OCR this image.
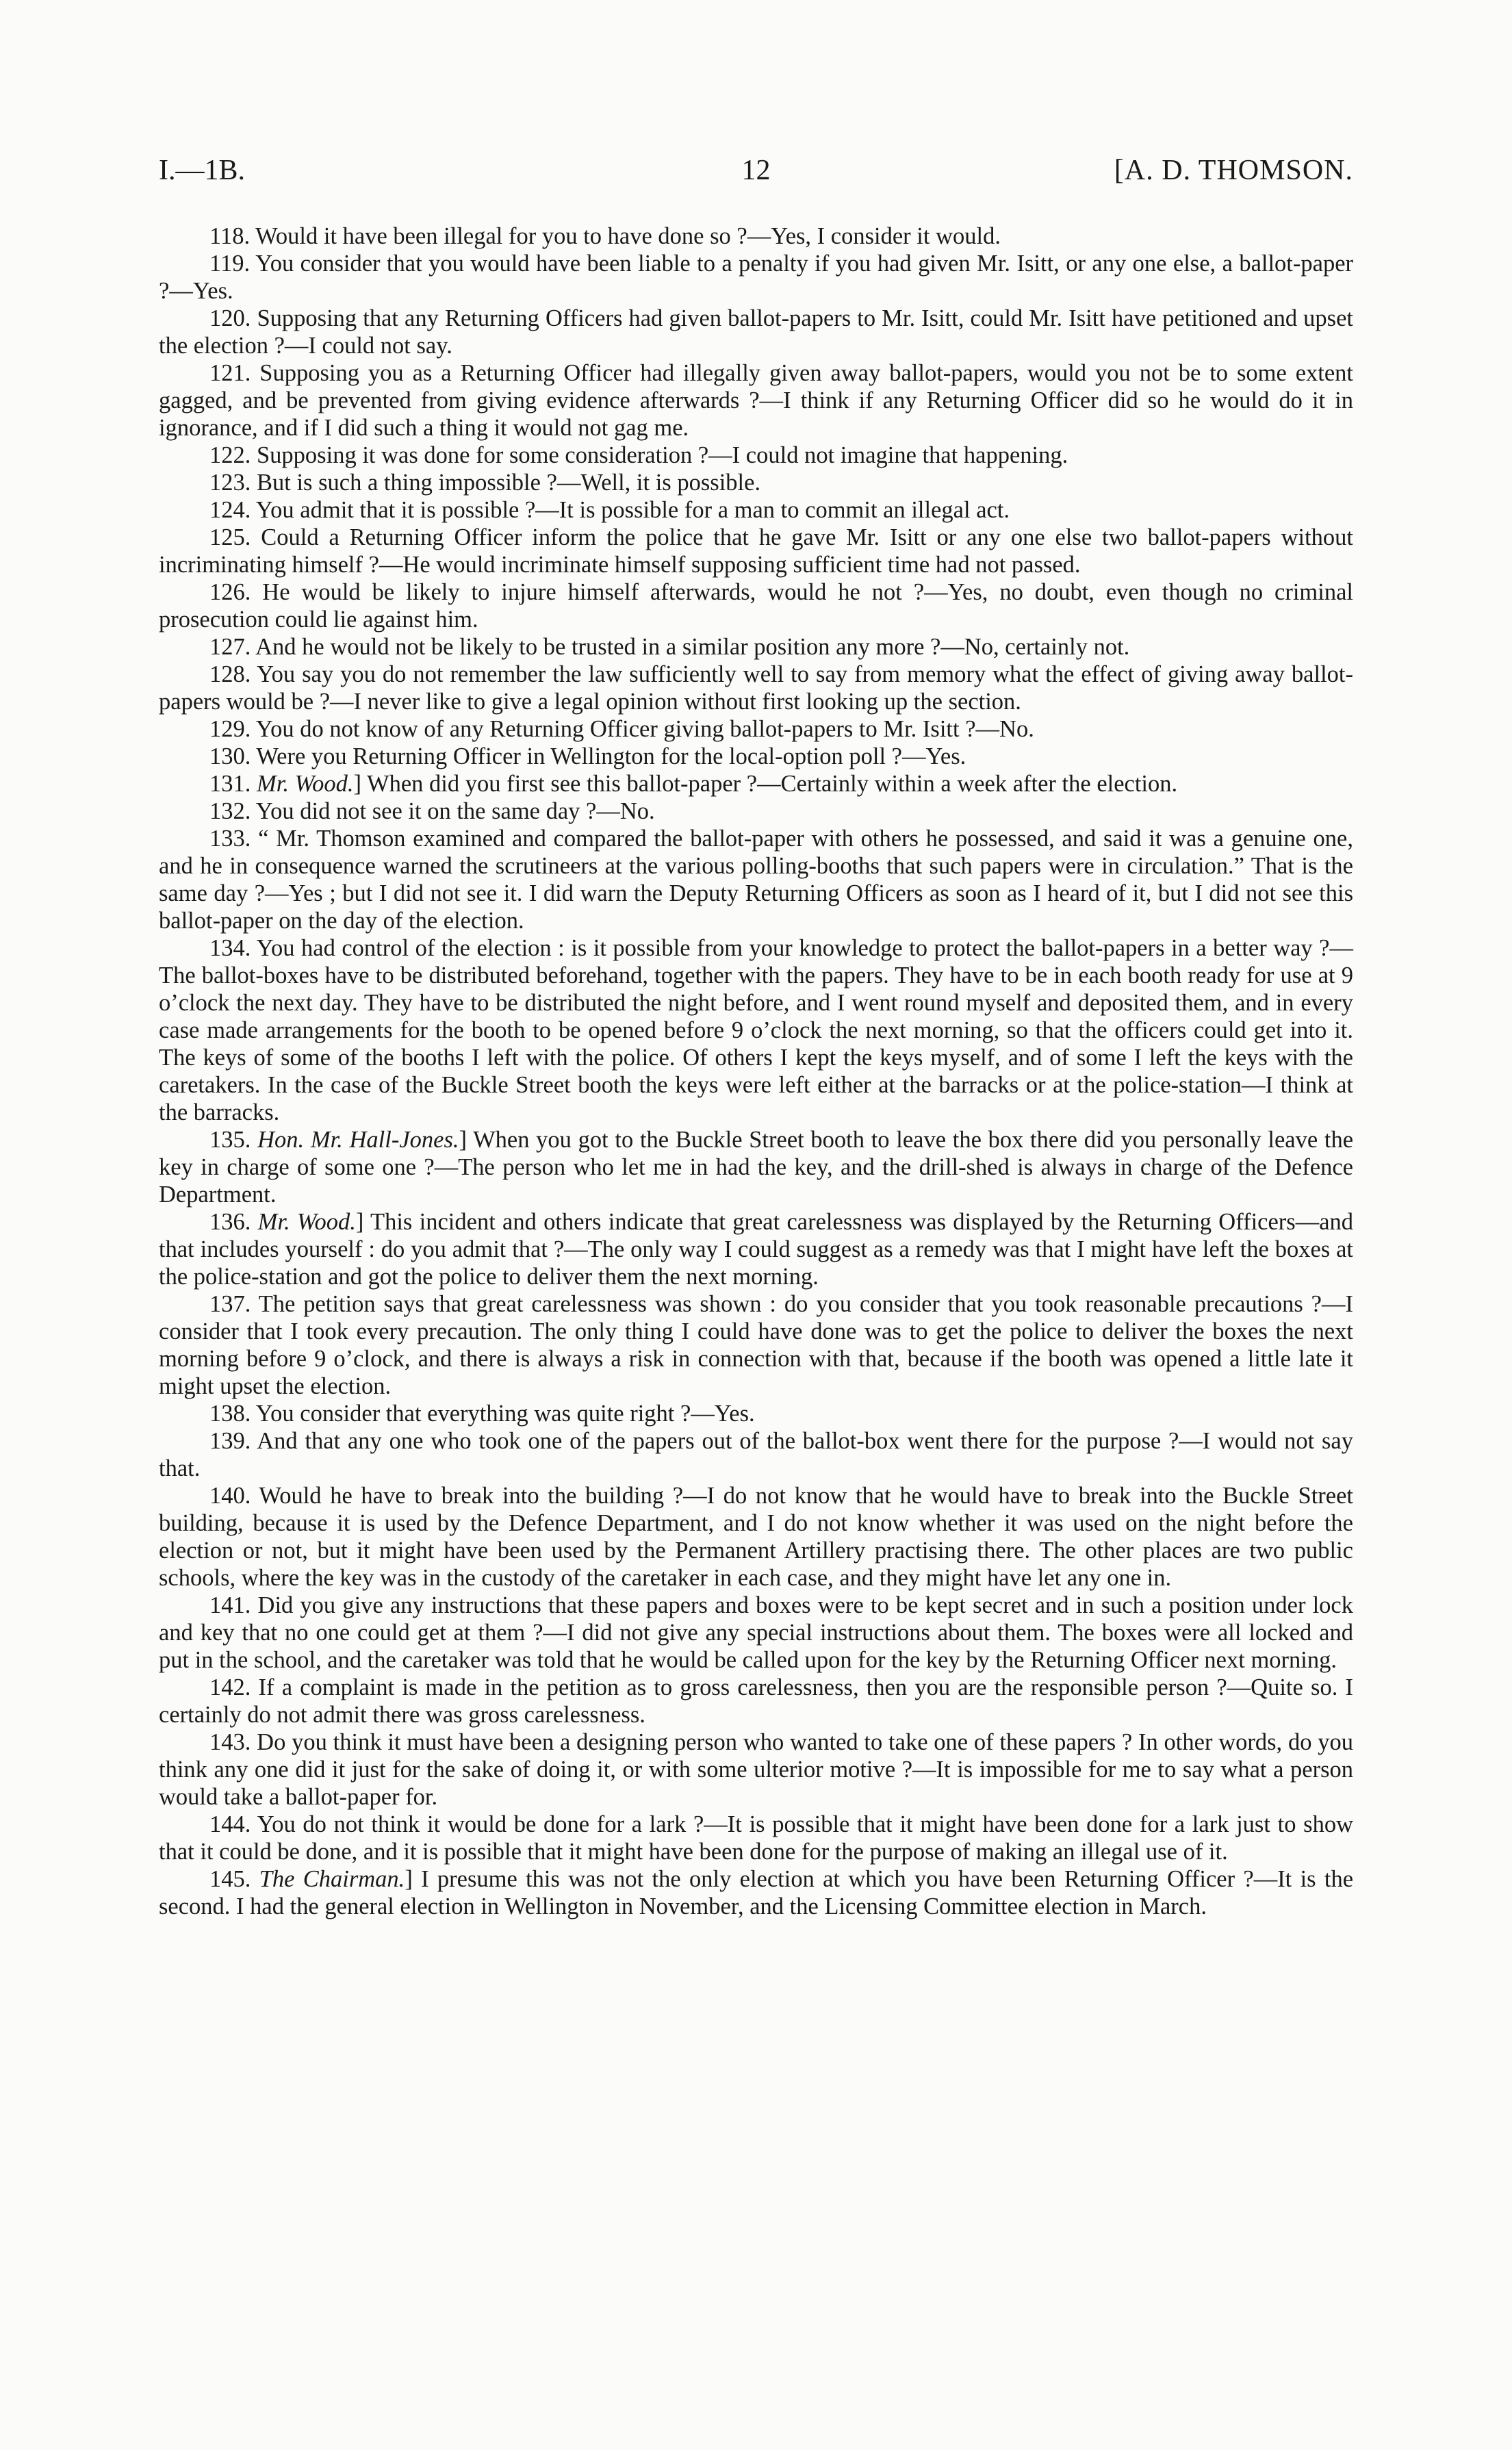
I.—1B.	12	[A. D. THOMSON.

118. Would it have been illegal for you to have done so ?—Yes, I consider it would.

119. You consider that you would have been liable to a penalty if you had given Mr. Isitt, or any one else, a ballot-paper ?—Yes.

120. Supposing that any Returning Officers had given ballot-papers to Mr. Isitt, could Mr. Isitt have petitioned and upset the election ?—I could not say.

121. Supposing you as a Returning Officer had illegally given away ballot-papers, would you not be to some extent gagged, and be prevented from giving evidence afterwards ?—I think if any Returning Officer did so he would do it in ignorance, and if I did such a thing it would not gag me.

122. Supposing it was done for some consideration ?—I could not imagine that happening.

123. But is such a thing impossible ?—Well, it is possible.

124. You admit that it is possible ?—It is possible for a man to commit an illegal act.

125. Could a Returning Officer inform the police that he gave Mr. Isitt or any one else two ballot-papers without incriminating himself ?—He would incriminate himself supposing sufficient time had not passed.

126. He would be likely to injure himself afterwards, would he not ?—Yes, no doubt, even though no criminal prosecution could lie against him.

127. And he would not be likely to be trusted in a similar position any more ?—No, certainly not.

128. You say you do not remember the law sufficiently well to say from memory what the effect of giving away ballot-papers would be ?—I never like to give a legal opinion without first looking up the section.

129. You do not know of any Returning Officer giving ballot-papers to Mr. Isitt ?—No.

130. Were you Returning Officer in Wellington for the local-option poll ?—Yes.

131. Mr. Wood.] When did you first see this ballot-paper ?—Certainly within a week after the election.

132. You did not see it on the same day ?—No.

133. “ Mr. Thomson examined and compared the ballot-paper with others he possessed, and said it was a genuine one, and he in consequence warned the scrutineers at the various polling-booths that such papers were in circulation.” That is the same day ?—Yes ; but I did not see it. I did warn the Deputy Returning Officers as soon as I heard of it, but I did not see this ballot-paper on the day of the election.

134. You had control of the election : is it possible from your knowledge to protect the ballot-papers in a better way ?—The ballot-boxes have to be distributed beforehand, together with the papers. They have to be in each booth ready for use at 9 o’clock the next day. They have to be distributed the night before, and I went round myself and deposited them, and in every case made arrangements for the booth to be opened before 9 o’clock the next morning, so that the officers could get into it. The keys of some of the booths I left with the police. Of others I kept the keys myself, and of some I left the keys with the caretakers. In the case of the Buckle Street booth the keys were left either at the barracks or at the police-station—I think at the barracks.

135. Hon. Mr. Hall-Jones.] When you got to the Buckle Street booth to leave the box there did you personally leave the key in charge of some one ?—The person who let me in had the key, and the drill-shed is always in charge of the Defence Department.

136. Mr. Wood.] This incident and others indicate that great carelessness was displayed by the Returning Officers—and that includes yourself : do you admit that ?—The only way I could suggest as a remedy was that I might have left the boxes at the police-station and got the police to deliver them the next morning.

137. The petition says that great carelessness was shown : do you consider that you took reasonable precautions ?—I consider that I took every precaution. The only thing I could have done was to get the police to deliver the boxes the next morning before 9 o’clock, and there is always a risk in connection with that, because if the booth was opened a little late it might upset the election.

138. You consider that everything was quite right ?—Yes.

139. And that any one who took one of the papers out of the ballot-box went there for the purpose ?—I would not say that.

140. Would he have to break into the building ?—I do not know that he would have to break into the Buckle Street building, because it is used by the Defence Department, and I do not know whether it was used on the night before the election or not, but it might have been used by the Permanent Artillery practising there. The other places are two public schools, where the key was in the custody of the caretaker in each case, and they might have let any one in.

141. Did you give any instructions that these papers and boxes were to be kept secret and in such a position under lock and key that no one could get at them ?—I did not give any special instructions about them. The boxes were all locked and put in the school, and the caretaker was told that he would be called upon for the key by the Returning Officer next morning.

142. If a complaint is made in the petition as to gross carelessness, then you are the responsible person ?—Quite so. I certainly do not admit there was gross carelessness.

143. Do you think it must have been a designing person who wanted to take one of these papers ? In other words, do you think any one did it just for the sake of doing it, or with some ulterior motive ?—It is impossible for me to say what a person would take a ballot-paper for.

144. You do not think it would be done for a lark ?—It is possible that it might have been done for a lark just to show that it could be done, and it is possible that it might have been done for the purpose of making an illegal use of it.

145. The Chairman.] I presume this was not the only election at which you have been Returning Officer ?—It is the second. I had the general election in Wellington in November, and the Licensing Committee election in March.
